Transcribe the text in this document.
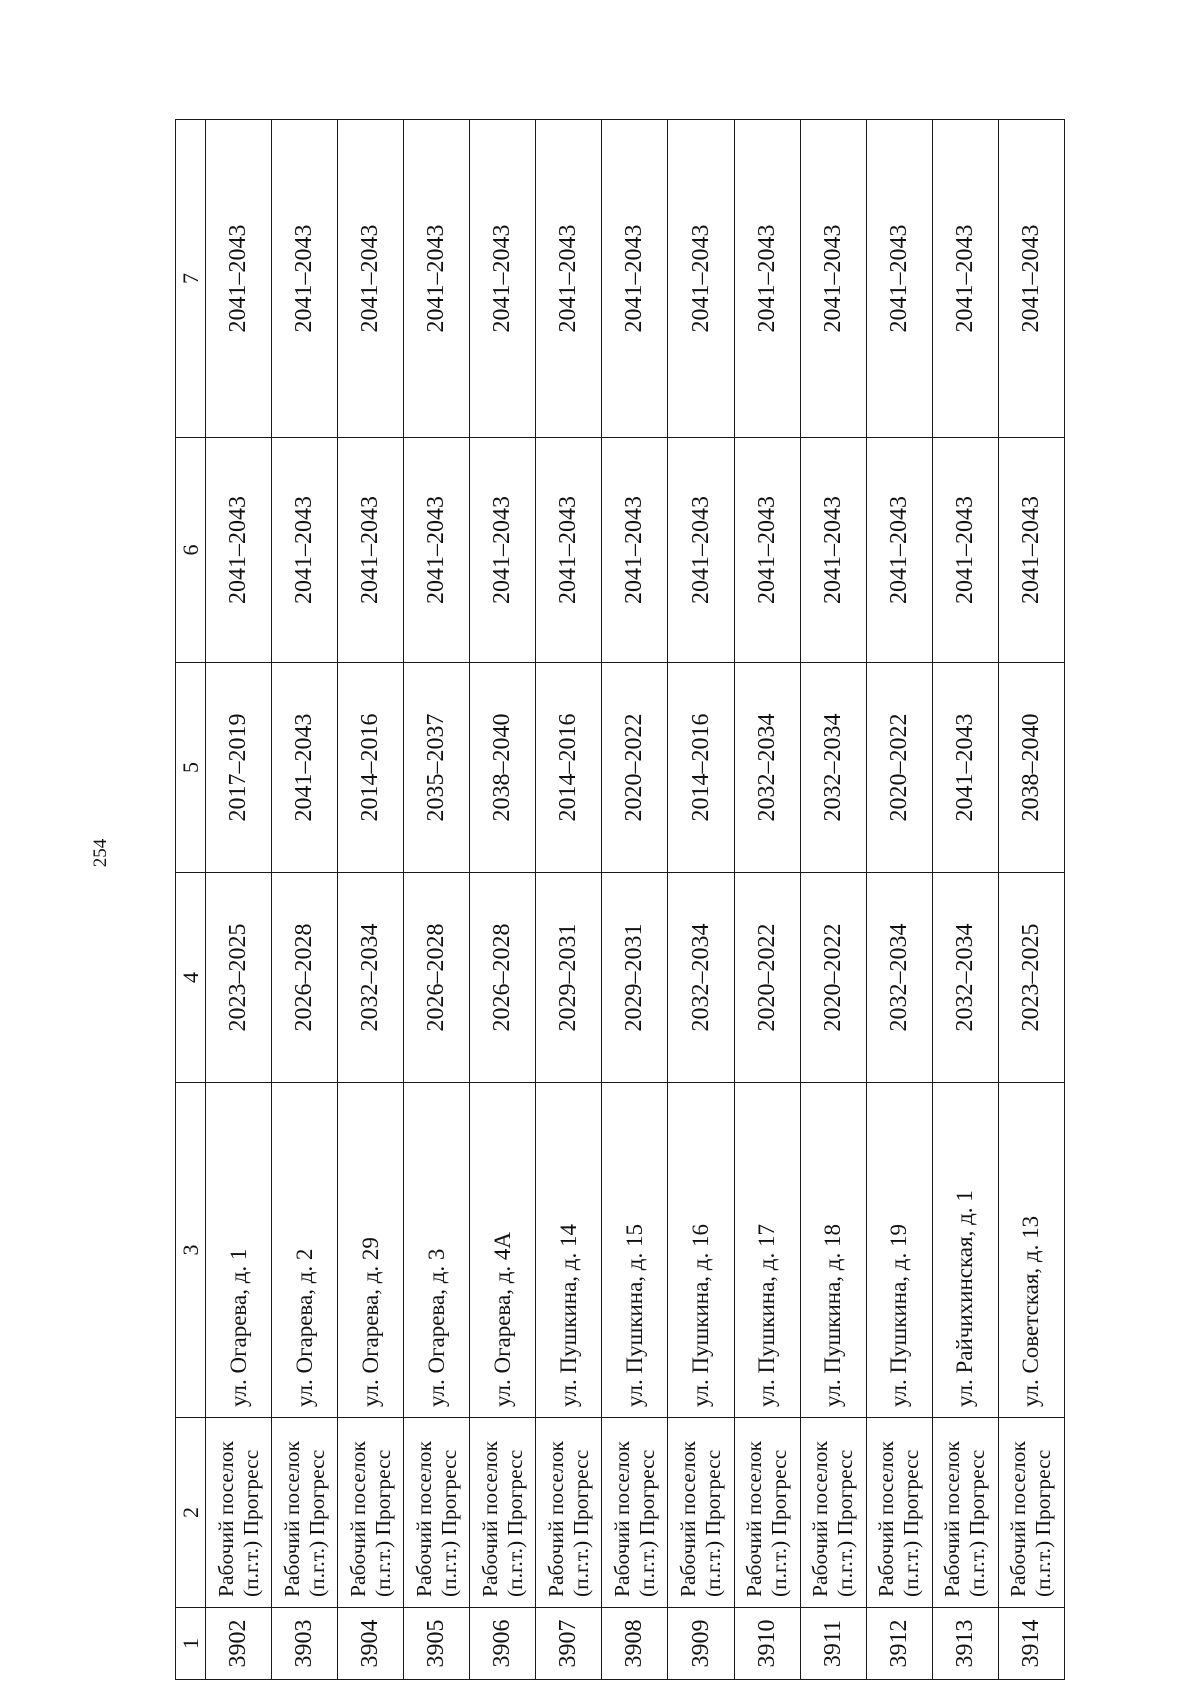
254
1	2	3	4	5	6	7
3902	Рабочий поселок (п.г.т.) Прогресс	ул. Огарева, д. 1	2023–2025	2017–2019	2041–2043	2041–2043
3903	Рабочий поселок (п.г.т.) Прогресс	ул. Огарева, д. 2	2026–2028	2041–2043	2041–2043	2041–2043
3904	Рабочий поселок (п.г.т.) Прогресс	ул. Огарева, д. 29	2032–2034	2014–2016	2041–2043	2041–2043
3905	Рабочий поселок (п.г.т.) Прогресс	ул. Огарева, д. 3	2026–2028	2035–2037	2041–2043	2041–2043
3906	Рабочий поселок (п.г.т.) Прогресс	ул. Огарева, д. 4А	2026–2028	2038–2040	2041–2043	2041–2043
3907	Рабочий поселок (п.г.т.) Прогресс	ул. Пушкина, д. 14	2029–2031	2014–2016	2041–2043	2041–2043
3908	Рабочий поселок (п.г.т.) Прогресс	ул. Пушкина, д. 15	2029–2031	2020–2022	2041–2043	2041–2043
3909	Рабочий поселок (п.г.т.) Прогресс	ул. Пушкина, д. 16	2032–2034	2014–2016	2041–2043	2041–2043
3910	Рабочий поселок (п.г.т.) Прогресс	ул. Пушкина, д. 17	2020–2022	2032–2034	2041–2043	2041–2043
3911	Рабочий поселок (п.г.т.) Прогресс	ул. Пушкина, д. 18	2020–2022	2032–2034	2041–2043	2041–2043
3912	Рабочий поселок (п.г.т.) Прогресс	ул. Пушкина, д. 19	2032–2034	2020–2022	2041–2043	2041–2043
3913	Рабочий поселок (п.г.т.) Прогресс	ул. Райчихинская, д. 1	2032–2034	2041–2043	2041–2043	2041–2043
3914	Рабочий поселок (п.г.т.) Прогресс	ул. Советская, д. 13	2023–2025	2038–2040	2041–2043	2041–2043
